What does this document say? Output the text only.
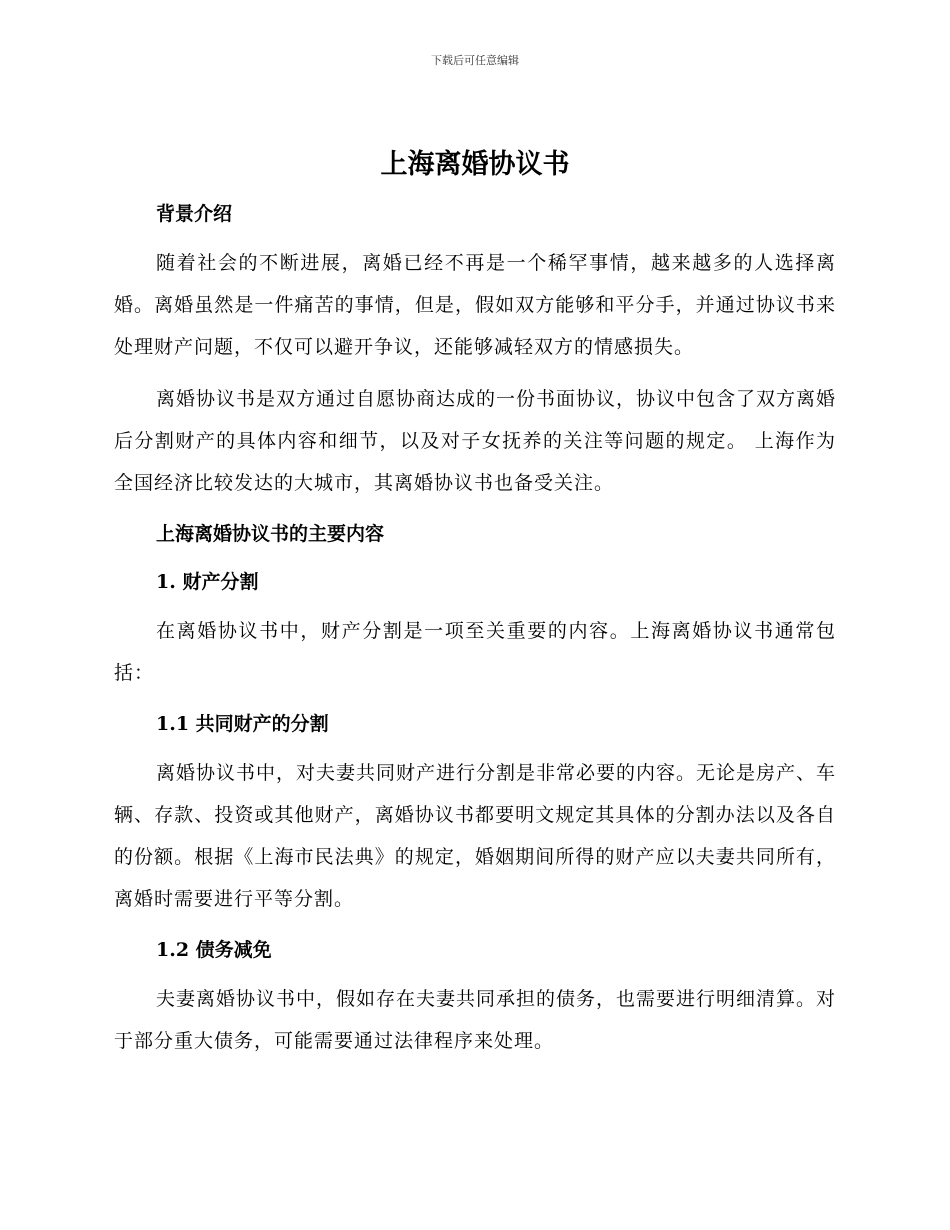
下载后可任意编辑
上海离婚协议书
背景介绍

随着社会的不断进展，离婚已经不再是一个稀罕事情，越来越多的人选择离婚。离婚虽然是一件痛苦的事情，但是，假如双方能够和平分手，并通过协议书来处理财产问题，不仅可以避开争议，还能够减轻双方的情感损失。

离婚协议书是双方通过自愿协商达成的一份书面协议，协议中包含了双方离婚后分割财产的具体内容和细节，以及对子女抚养的关注等问题的规定。 上海作为全国经济比较发达的大城市，其离婚协议书也备受关注。

上海离婚协议书的主要内容
1. 财产分割

在离婚协议书中，财产分割是一项至关重要的内容。上海离婚协议书通常包括：

1.1 共同财产的分割

离婚协议书中，对夫妻共同财产进行分割是非常必要的内容。无论是房产、车辆、存款、投资或其他财产，离婚协议书都要明文规定其具体的分割办法以及各自的份额。根据《上海市民法典》的规定，婚姻期间所得的财产应以夫妻共同所有，离婚时需要进行平等分割。

1.2 债务减免

夫妻离婚协议书中，假如存在夫妻共同承担的债务，也需要进行明细清算。对于部分重大债务，可能需要通过法律程序来处理。
